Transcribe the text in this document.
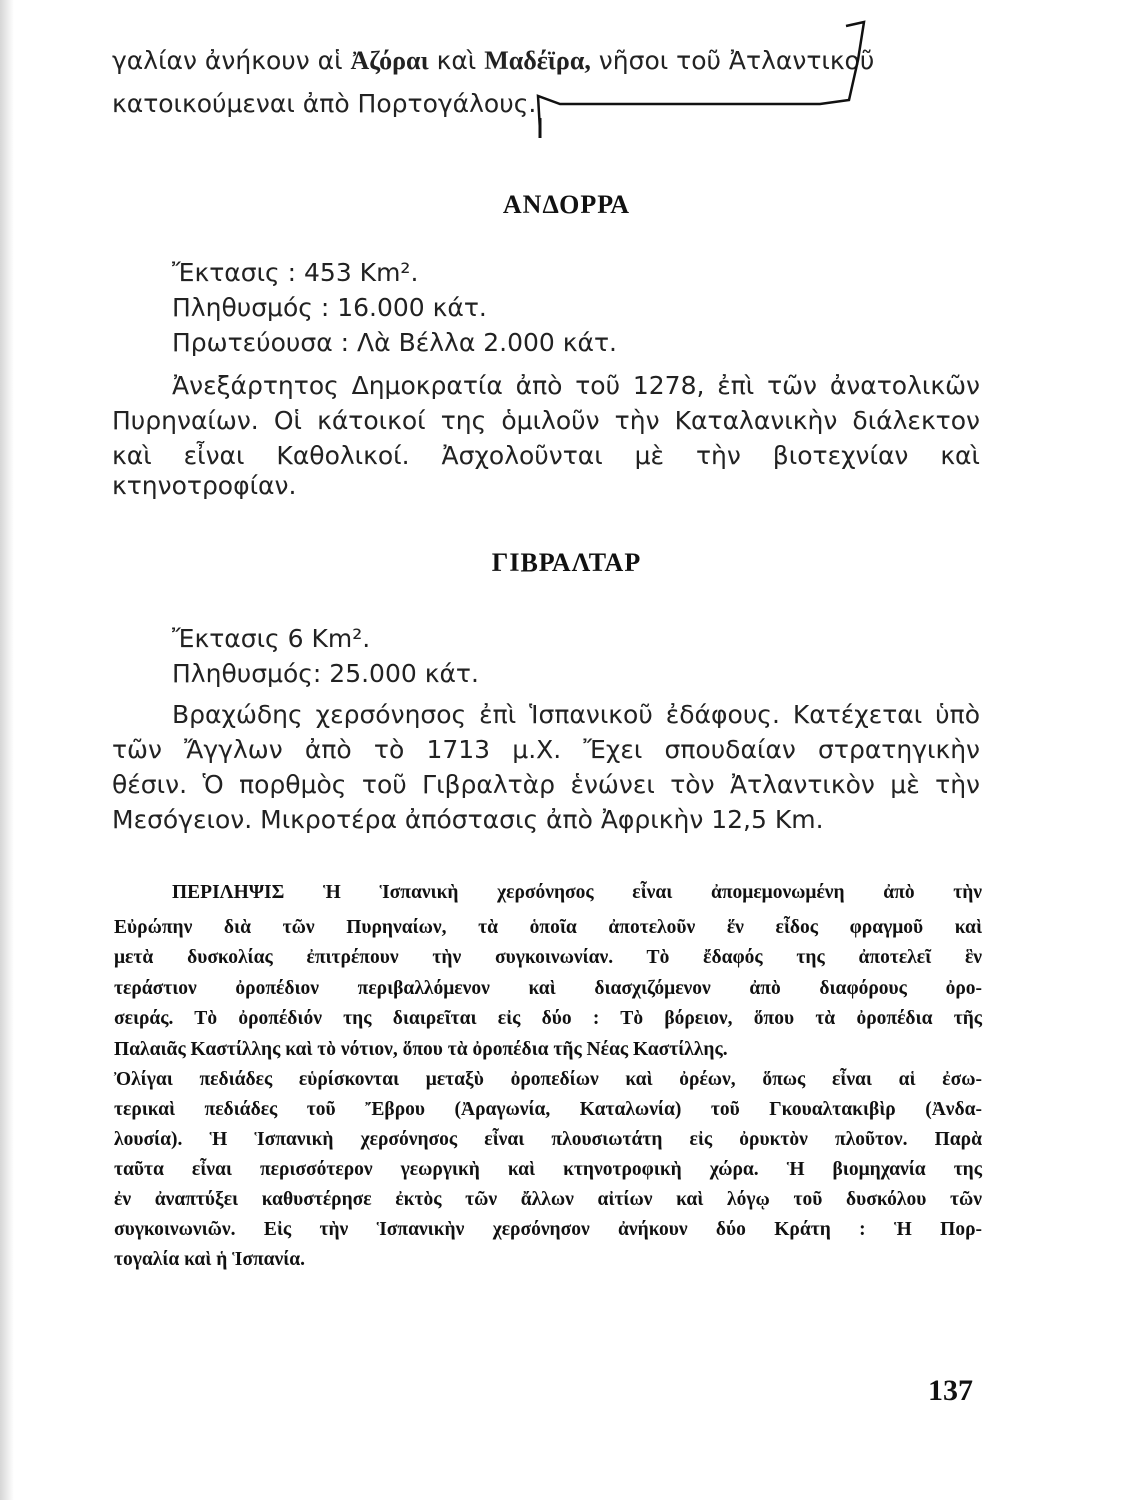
γαλίαν ἀνήκουν αἱ Ἀζόραι καὶ Μαδέϊρα, νῆσοι τοῦ Ἀτλαντικοῦ
κατοικούμεναι ἀπὸ Πορτογάλους.
ΑΝΔΟΡΡΑ
Ἔκτασις : 453 Km².
Πληθυσμός : 16.000 κάτ.
Πρωτεύουσα : Λὰ Βέλλα 2.000 κάτ.
Ἀνεξάρτητος Δημοκρατία ἀπὸ τοῦ 1278, ἐπὶ τῶν ἀνατολικῶν
Πυρηναίων. Οἱ κάτοικοί της ὁμιλοῦν τὴν Καταλανικὴν διάλεκτον
καὶ εἶναι Καθολικοί. Ἀσχολοῦνται μὲ τὴν βιοτεχνίαν καὶ κτηνοτροφίαν.
ΓΙΒΡΑΛΤΑΡ
Ἔκτασις 6 Km².
Πληθυσμός: 25.000 κάτ.
Βραχώδης χερσόνησος ἐπὶ Ἱσπανικοῦ ἐδάφους. Κατέχεται ὑπὸ
τῶν Ἄγγλων ἀπὸ τὸ 1713 μ.Χ. Ἔχει σπουδαίαν στρατηγικὴν
θέσιν. Ὁ πορθμὸς τοῦ Γιβραλτὰρ ἑνώνει τὸν Ἀτλαντικὸν μὲ τὴν
Μεσόγειον. Μικροτέρα ἀπόστασις ἀπὸ Ἀφρικὴν 12,5 Km.
ΠΕΡΙΛΗΨΙΣ Ἡ Ἱσπανικὴ χερσόνησος εἶναι ἀπομεμονωμένη ἀπὸ τὴν
Εὐρώπην διὰ τῶν Πυρηναίων, τὰ ὁποῖα ἀποτελοῦν ἕν εἶδος φραγμοῦ καὶ
μετὰ δυσκολίας ἐπιτρέπουν τὴν συγκοινωνίαν. Τὸ ἔδαφός της ἀποτελεῖ ἓν
τεράστιον ὀροπέδιον περιβαλλόμενον καὶ διασχιζόμενον ἀπὸ διαφόρους ὀρο-
σειράς. Τὸ ὀροπέδιόν της διαιρεῖται εἰς δύο : Τὸ βόρειον, ὅπου τὰ ὀροπέδια τῆς
Παλαιᾶς Καστίλλης καὶ τὸ νότιον, ὅπου τὰ ὀροπέδια τῆς Νέας Καστίλλης.
Ὀλίγαι πεδιάδες εὑρίσκονται μεταξὺ ὀροπεδίων καὶ ὀρέων, ὅπως εἶναι αἱ ἐσω-
τερικαὶ πεδιάδες τοῦ Ἔβρου (Ἀραγωνία, Καταλωνία) τοῦ Γκουαλτακιβὶρ (Ἀνδα-
λουσία). Ἡ Ἱσπανικὴ χερσόνησος εἶναι πλουσιωτάτη εἰς ὀρυκτὸν πλοῦτον. Παρὰ
ταῦτα εἶναι περισσότερον γεωργικὴ καὶ κτηνοτροφικὴ χώρα. Ἡ βιομηχανία της
ἐν ἀναπτύξει καθυστέρησε ἐκτὸς τῶν ἄλλων αἰτίων καὶ λόγῳ τοῦ δυσκόλου τῶν
συγκοινωνιῶν. Εἰς τὴν Ἱσπανικὴν χερσόνησον ἀνήκουν δύο Κράτη : Ἡ Πορ-
τογαλία καὶ ἡ Ἱσπανία.
137
